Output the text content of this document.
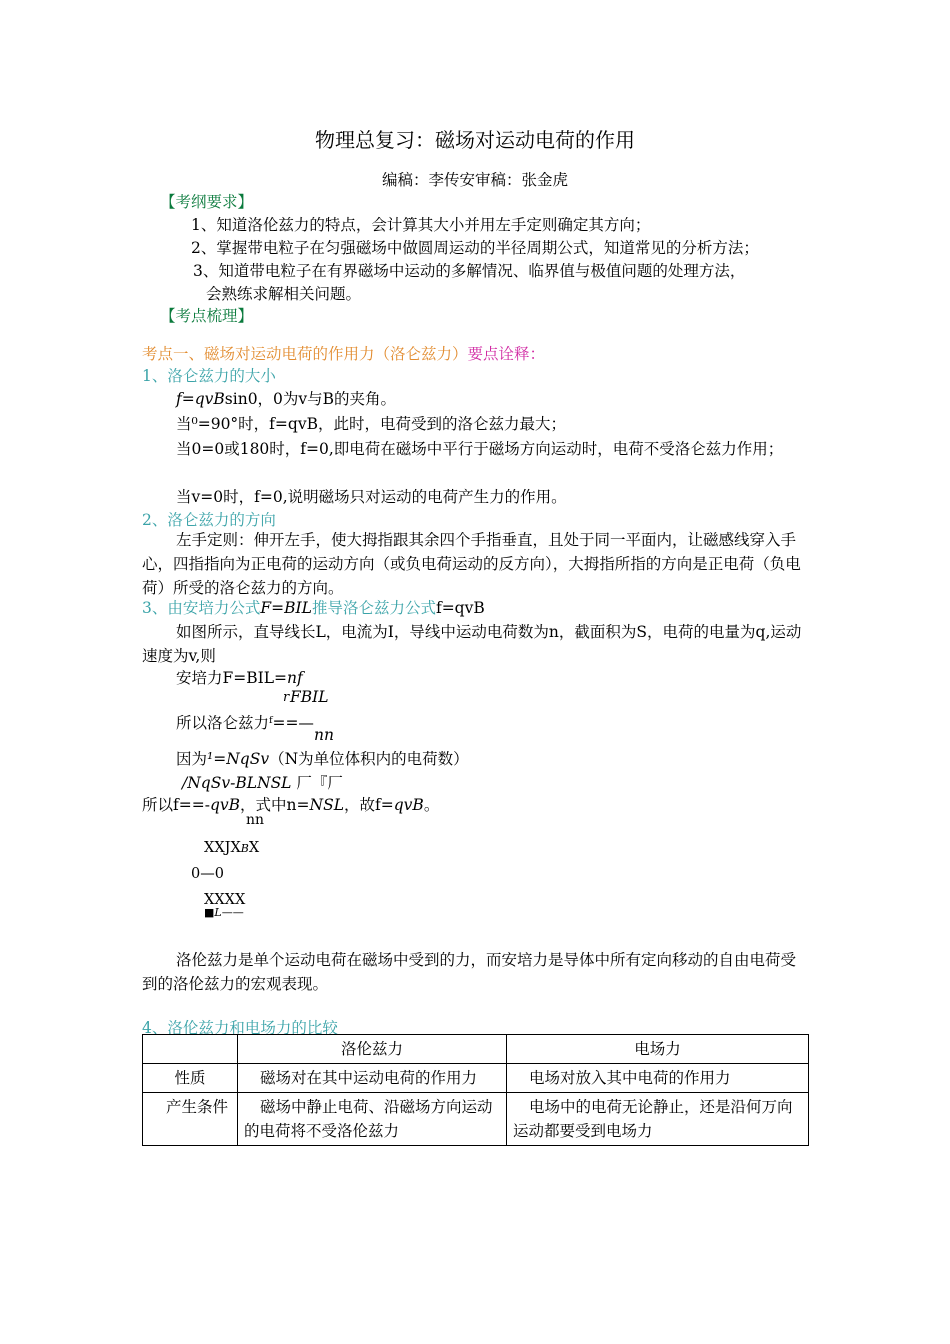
物理总复习：磁场对运动电荷的作用
编稿：李传安审稿：张金虎
【考纲要求】
1、知道洛伦兹力的特点，会计算其大小并用左手定则确定其方向；
2、掌握带电粒子在匀强磁场中做圆周运动的半径周期公式，知道常见的分析方法；
3、知道带电粒子在有界磁场中运动的多解情况、临界值与极值问题的处理方法，
会熟练求解相关问题。
【考点梳理】
考点一、磁场对运动电荷的作用力（洛仑兹力）要点诠释：
1、洛仑兹力的大小
f=qvBsin0，0为v与B的夹角。
当⁰=90°时，f=qvB，此时，电荷受到的洛仑兹力最大；
当0=0或180时，f=0,即电荷在磁场中平行于磁场方向运动时，电荷不受洛仑兹力作用；
当v=0时，f=0,说明磁场只对运动的电荷产生力的作用。
2、洛仑兹力的方向
左手定则：伸开左手，使大拇指跟其余四个手指垂直，且处于同一平面内，让磁感线穿入手心，四指指向为正电荷的运动方向（或负电荷运动的反方向），大拇指所指的方向是正电荷（负电荷）所受的洛仑兹力的方向。
3、由安培力公式F=BIL推导洛仑兹力公式f=qvB
如图所示，直导线长L，电流为I，导线中运动电荷数为n，截面积为S，电荷的电量为q,运动速度为v,则
安培力F=BIL=nf
r FBIL
所以洛仑兹力ᶠ==—
nn
因为¹=NqSv（N为单位体积内的电荷数）
/NqSv-BLNSL 厂『厂
所以f==-qvB，式中n=NSL，故f=qvB。
nn
XXJXBX
0—0
XXXX
■L——
洛伦兹力是单个运动电荷在磁场中受到的力，而安培力是导体中所有定向移动的自由电荷受到的洛伦兹力的宏观表现。
4、洛伦兹力和电场力的比较
	洛伦兹力	电场力
性质	磁场对在其中运动电荷的作用力	电场对放入其中电荷的作用力
产生条件	磁场中静止电荷、沿磁场方向运动的电荷将不受洛伦兹力	电场中的电荷无论静止，还是沿何万向运动都要受到电场力
